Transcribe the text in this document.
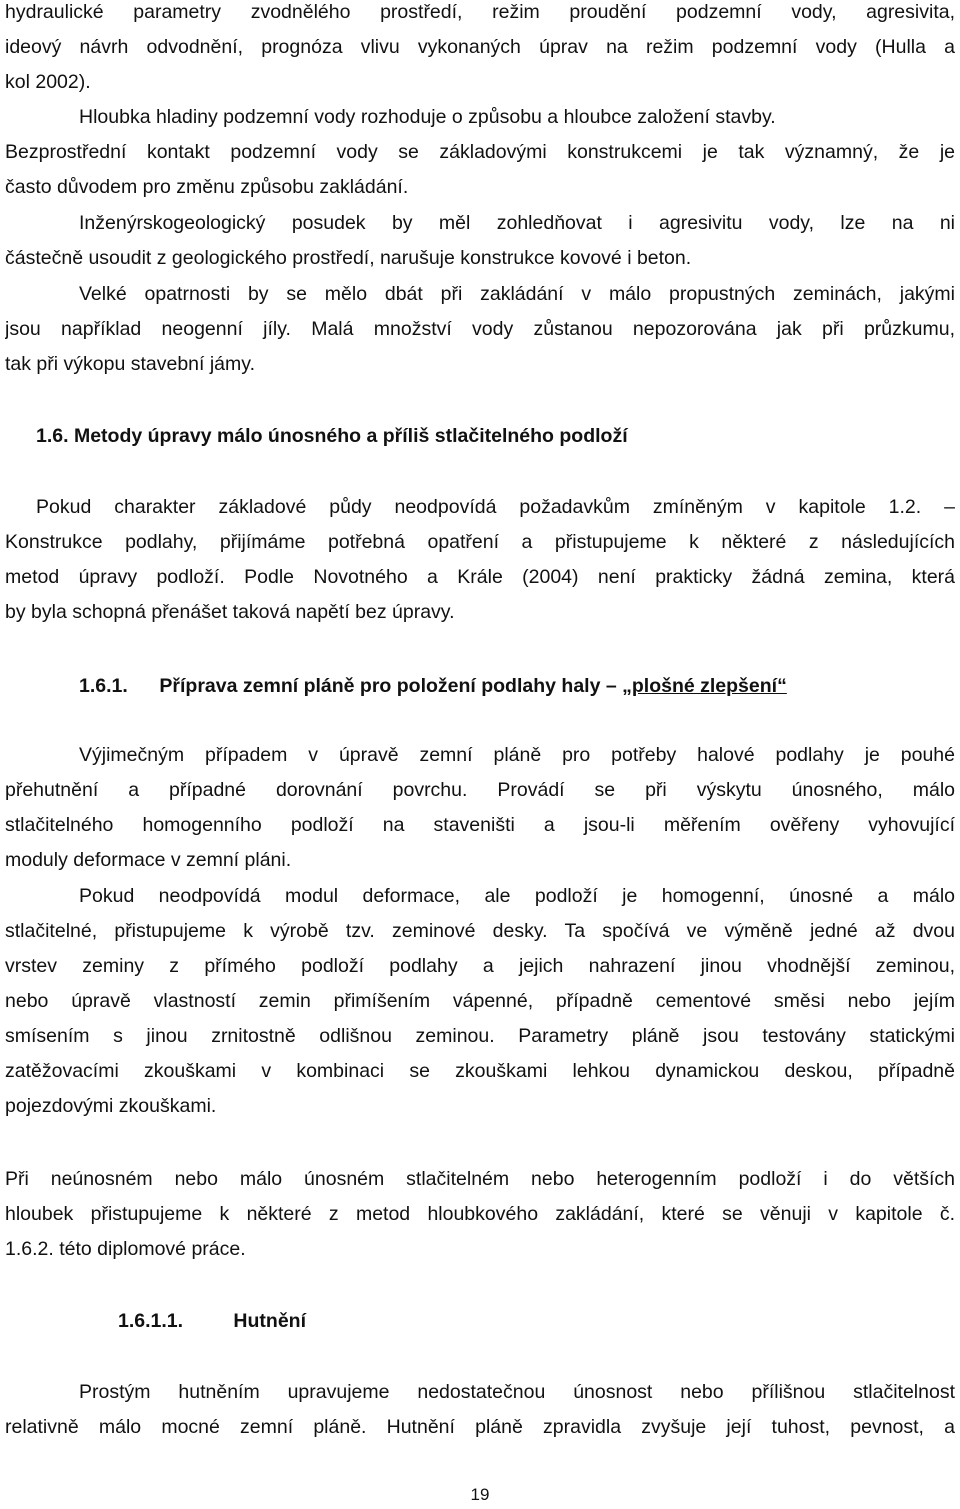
hydraulické parametry zvodnělého prostředí, režim proudění podzemní vody, agresivita,
ideový návrh odvodnění, prognóza vlivu vykonaných úprav na režim podzemní vody (Hulla a
kol 2002).
Hloubka hladiny podzemní vody rozhoduje o způsobu a hloubce založení stavby.
Bezprostřední kontakt podzemní vody se základovými konstrukcemi je tak významný, že je
často důvodem pro změnu způsobu zakládání.
Inženýrskogeologický posudek by měl zohledňovat i agresivitu vody, lze na ni
částečně usoudit z geologického prostředí, narušuje konstrukce kovové i beton.
Velké opatrnosti by se mělo dbát při zakládání v málo propustných zeminách, jakými
jsou například neogenní jíly. Malá množství vody zůstanou nepozorována jak při průzkumu,
tak při výkopu stavební jámy.
1.6. Metody úpravy málo únosného a příliš stlačitelného podloží
Pokud charakter základové půdy neodpovídá požadavkům zmíněným v kapitole 1.2. –
Konstrukce podlahy, přijímáme potřebná opatření a přistupujeme k některé z následujících
metod úpravy podloží. Podle Novotného a Krále (2004) není prakticky žádná zemina, která
by byla schopná přenášet taková napětí bez úpravy.
1.6.1. Příprava zemní pláně pro položení podlahy haly – „plošné zlepšení“
Výjimečným případem v úpravě zemní pláně pro potřeby halové podlahy je pouhé
přehutnění a případné dorovnání povrchu. Provádí se při výskytu únosného, málo
stlačitelného homogenního podloží na staveništi a jsou-li měřením ověřeny vyhovující
moduly deformace v zemní pláni.
Pokud neodpovídá modul deformace, ale podloží je homogenní, únosné a málo
stlačitelné, přistupujeme k výrobě tzv. zeminové desky. Ta spočívá ve výměně jedné až dvou
vrstev zeminy z přímého podloží podlahy a jejich nahrazení jinou vhodnější zeminou,
nebo úpravě vlastností zemin přimíšením vápenné, případně cementové směsi nebo jejím
smísením s jinou zrnitostně odlišnou zeminou. Parametry pláně jsou testovány statickými
zatěžovacími zkouškami v kombinaci se zkouškami lehkou dynamickou deskou, případně
pojezdovými zkouškami.
Při neúnosném nebo málo únosném stlačitelném nebo heterogenním podloží i do větších
hloubek přistupujeme k některé z metod hloubkového zakládání, které se věnuji v kapitole č.
1.6.2. této diplomové práce.
1.6.1.1.	Hutnění
Prostým hutněním upravujeme nedostatečnou únosnost nebo přílišnou stlačitelnost
relativně málo mocné zemní pláně. Hutnění pláně zpravidla zvyšuje její tuhost, pevnost, a
19
